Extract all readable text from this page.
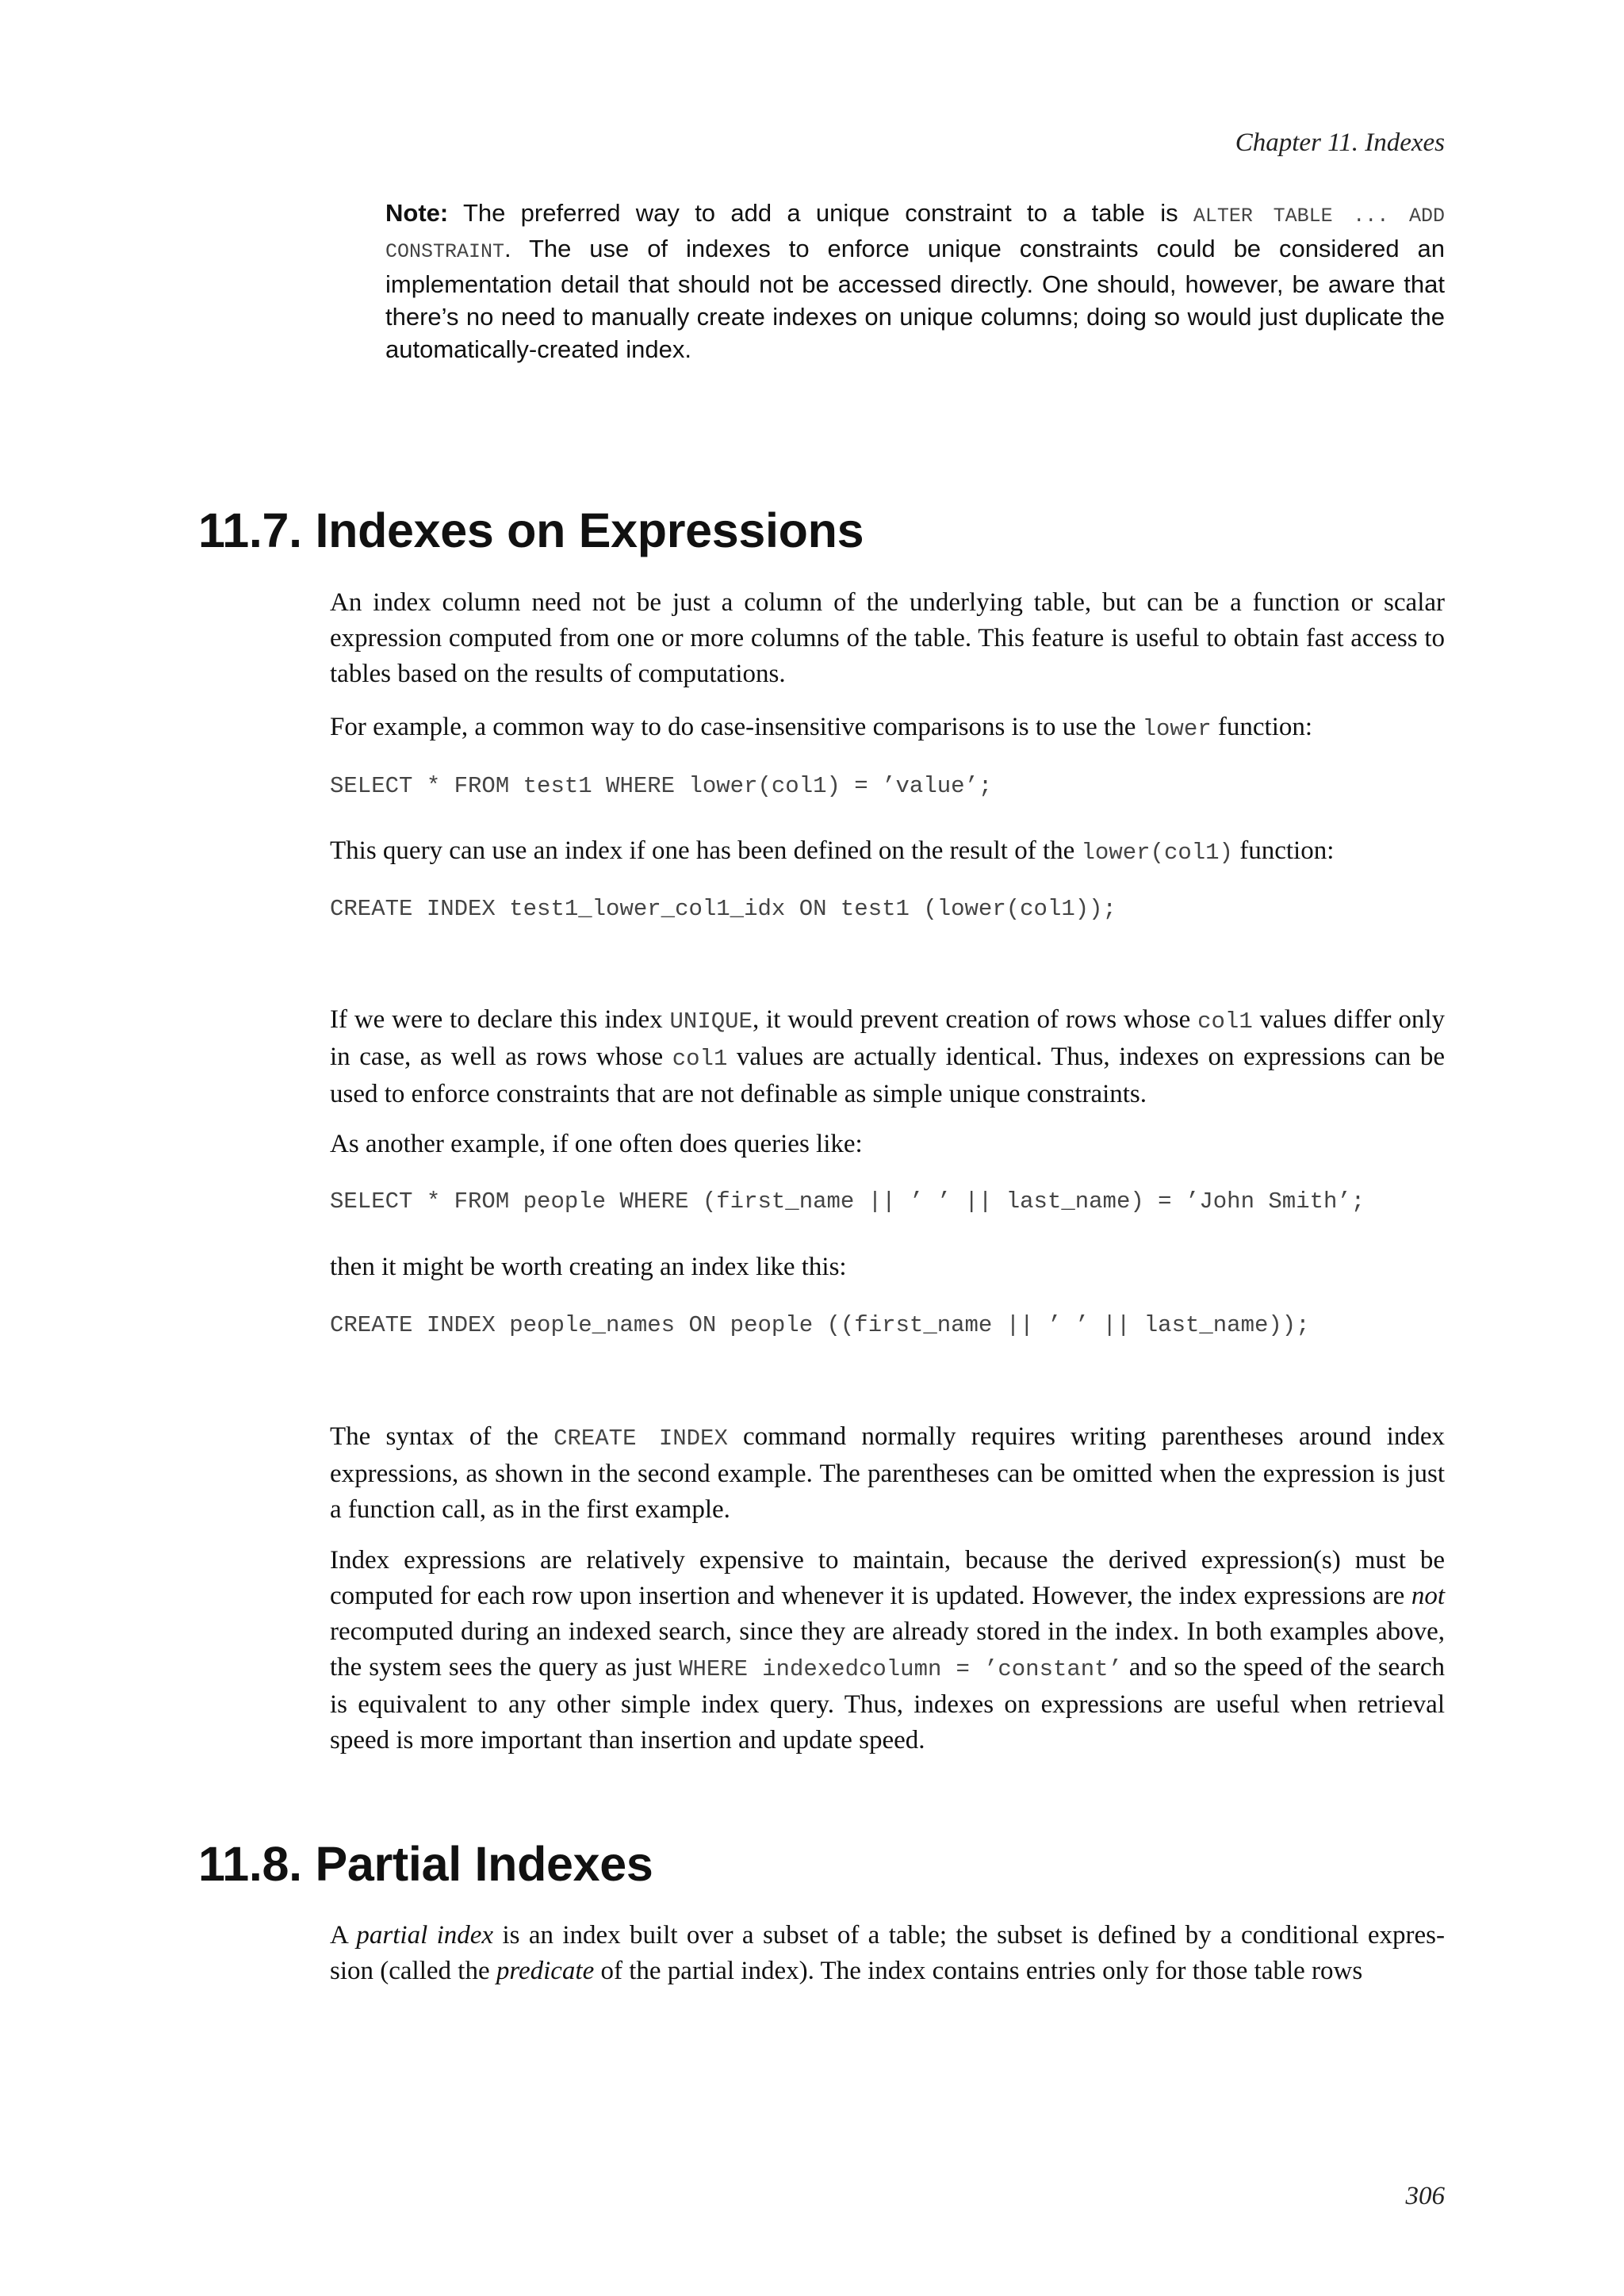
Chapter 11. Indexes
Note: The preferred way to add a unique constraint to a table is ALTER TABLE ... ADD CONSTRAINT. The use of indexes to enforce unique constraints could be considered an implementation detail that should not be accessed directly. One should, however, be aware that there’s no need to manually create indexes on unique columns; doing so would just duplicate the automatically-created index.
11.7. Indexes on Expressions
An index column need not be just a column of the underlying table, but can be a function or scalar expression computed from one or more columns of the table. This feature is useful to obtain fast access to tables based on the results of computations.
For example, a common way to do case-insensitive comparisons is to use the lower function:
SELECT * FROM test1 WHERE lower(col1) = ’value’;
This query can use an index if one has been defined on the result of the lower(col1) function:
CREATE INDEX test1_lower_col1_idx ON test1 (lower(col1));
If we were to declare this index UNIQUE, it would prevent creation of rows whose col1 values differ only in case, as well as rows whose col1 values are actually identical. Thus, indexes on expressions can be used to enforce constraints that are not definable as simple unique constraints.
As another example, if one often does queries like:
SELECT * FROM people WHERE (first_name || ’ ’ || last_name) = ’John Smith’;
then it might be worth creating an index like this:
CREATE INDEX people_names ON people ((first_name || ’ ’ || last_name));
The syntax of the CREATE INDEX command normally requires writing parentheses around index expressions, as shown in the second example. The parentheses can be omitted when the expression is just a function call, as in the first example.
Index expressions are relatively expensive to maintain, because the derived expression(s) must be computed for each row upon insertion and whenever it is updated. However, the index expressions are not recomputed during an indexed search, since they are already stored in the index. In both examples above, the system sees the query as just WHERE indexedcolumn = ’constant’ and so the speed of the search is equivalent to any other simple index query. Thus, indexes on expressions are useful when retrieval speed is more important than insertion and update speed.
11.8. Partial Indexes
A partial index is an index built over a subset of a table; the subset is defined by a conditional expres- sion (called the predicate of the partial index). The index contains entries only for those table rows
306
